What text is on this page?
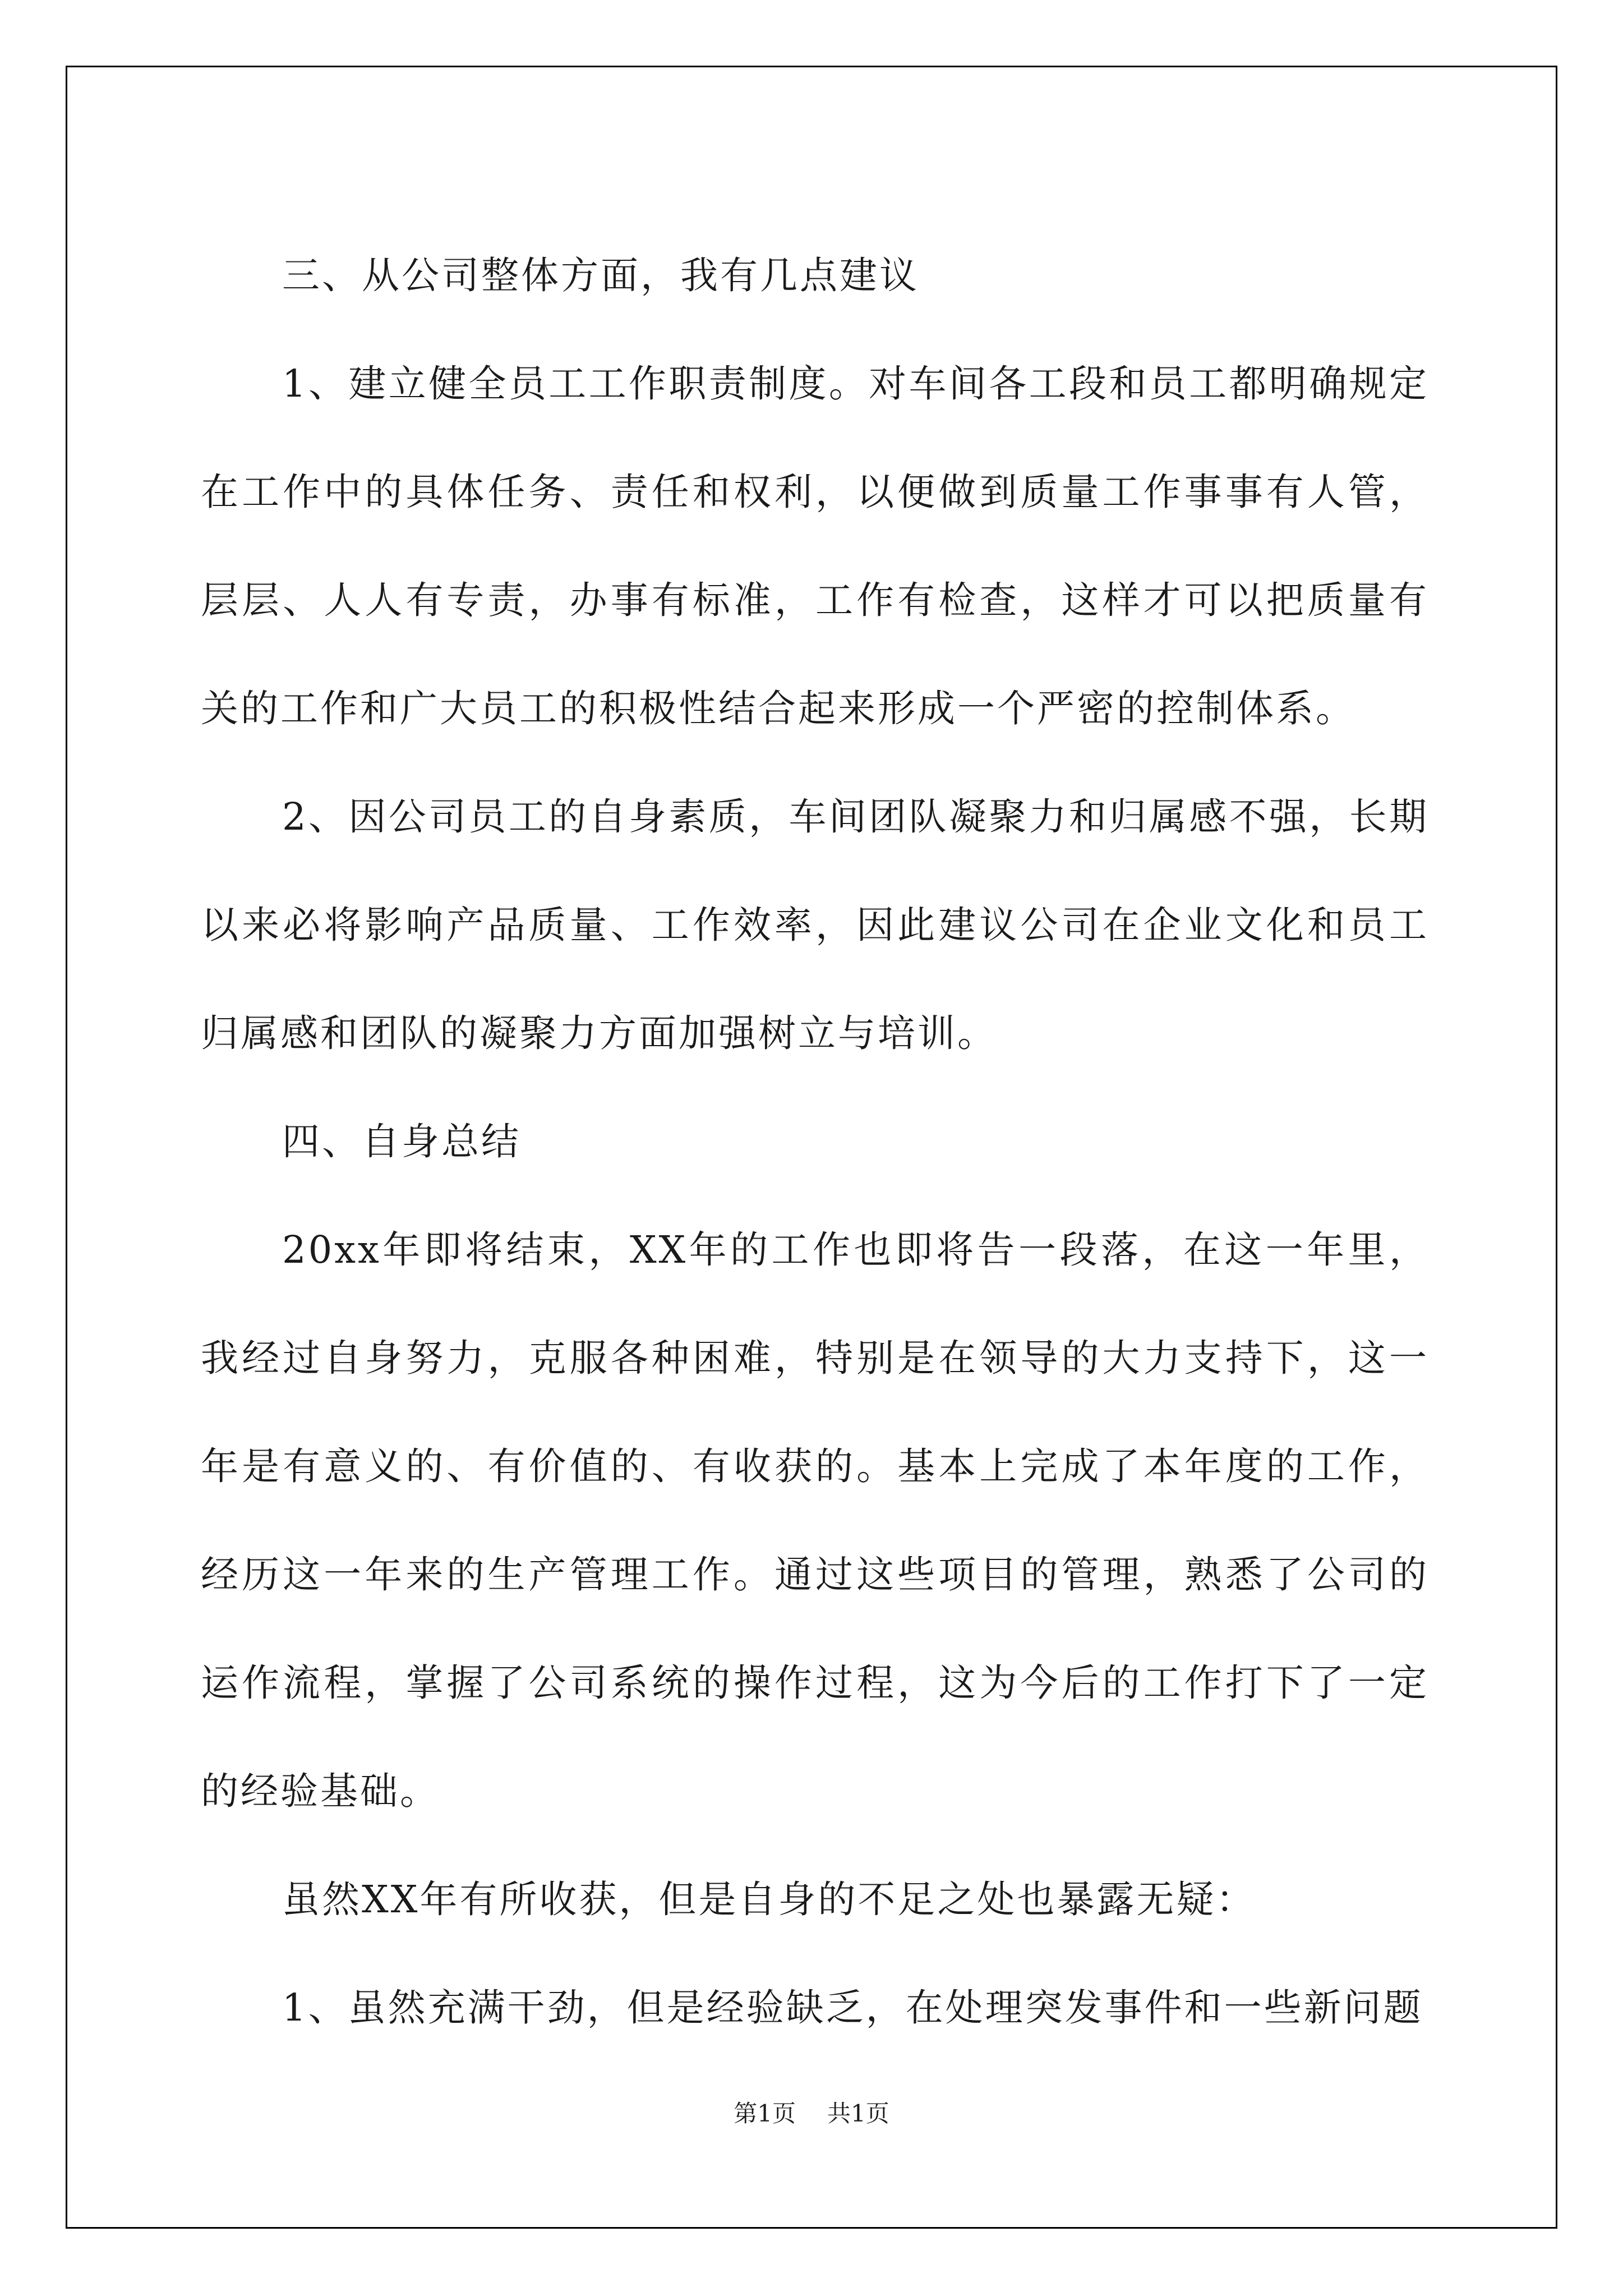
三、从公司整体方面，我有几点建议

1、建立健全员工工作职责制度。对车间各工段和员工都明确规定在工作中的具体任务、责任和权利，以便做到质量工作事事有人管，层层、人人有专责，办事有标准，工作有检查，这样才可以把质量有关的工作和广大员工的积极性结合起来形成一个严密的控制体系。

2、因公司员工的自身素质，车间团队凝聚力和归属感不强，长期以来必将影响产品质量、工作效率，因此建议公司在企业文化和员工归属感和团队的凝聚力方面加强树立与培训。

四、自身总结

20xx年即将结束，XX年的工作也即将告一段落，在这一年里，我经过自身努力，克服各种困难，特别是在领导的大力支持下，这一年是有意义的、有价值的、有收获的。基本上完成了本年度的工作，经历这一年来的生产管理工作。通过这些项目的管理，熟悉了公司的运作流程，掌握了公司系统的操作过程，这为今后的工作打下了一定的经验基础。

虽然XX年有所收获，但是自身的不足之处也暴露无疑：

1、虽然充满干劲，但是经验缺乏，在处理突发事件和一些新问题

第1页 共1页
